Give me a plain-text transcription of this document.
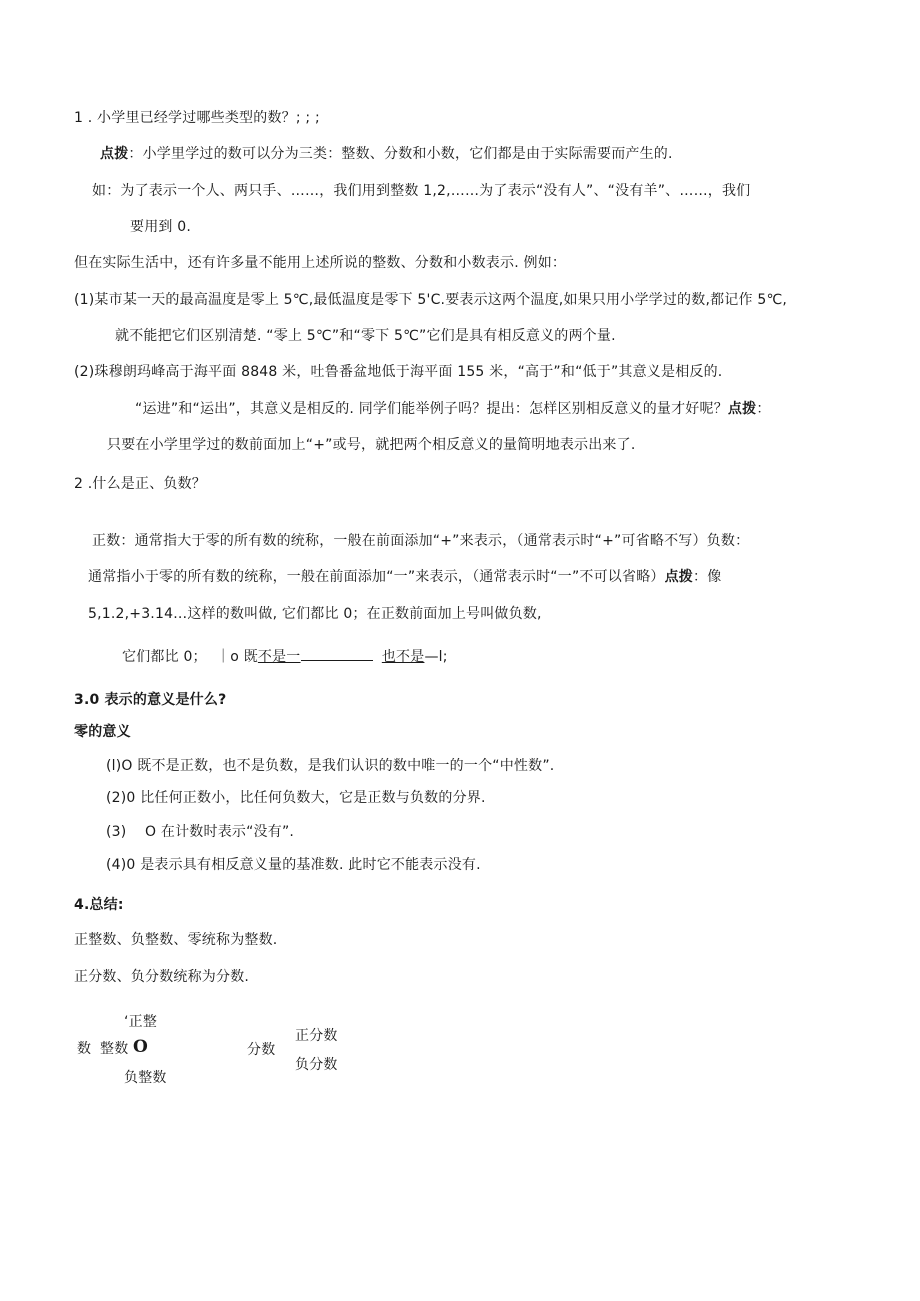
1 . 小学里已经学过哪些类型的数？; ; ;
点拨：小学里学过的数可以分为三类：整数、分数和小数，它们都是由于实际需要而产生的.
如：为了表示一个人、两只手、……，我们用到整数 1,2,……为了表示“没有人”、“没有羊”、……，我们
要用到 0.
但在实际生活中，还有许多量不能用上述所说的整数、分数和小数表示. 例如：
(1)某市某一天的最高温度是零上 5℃,最低温度是零下 5'C.要表示这两个温度,如果只用小学学过的数,都记作 5℃,
就不能把它们区别清楚. “零上 5℃”和“零下 5℃”它们是具有相反意义的两个量.
(2)珠穆朗玛峰高于海平面 8848 米，吐鲁番盆地低于海平面 155 米，“高于”和“低于”其意义是相反的.
“运进”和“运出”，其意义是相反的. 同学们能举例子吗？提出：怎样区别相反意义的量才好呢？点拨：
只要在小学里学过的数前面加上“+”或号，就把两个相反意义的量简明地表示出来了.
2 .什么是正、负数？
正数：通常指大于零的所有数的统称，一般在前面添加“+”来表示，（通常表示时“+”可省略不写）负数：
通常指小于零的所有数的统称，一般在前面添加“一”来表示，（通常表示时“一”不可以省略）点拨：像
5,1.2,+3.14…这样的数叫做, 它们都比 0；在正数前面加上号叫做负数,
它们都比 0； ｜o 既不是一	也不是—l;
3.0 表示的意义是什么?
零的意义
(l)O 既不是正数，也不是负数，是我们认识的数中唯一的一个“中性数”.
(2)0 比任何正数小，比任何负数大，它是正数与负数的分界.
(3)    O 在计数时表示“没有”.
(4)0 是表示具有相反意义量的基准数. 此时它不能表示没有.
4.总结:
正整数、负整数、零统称为整数.
正分数、负分数统称为分数.
‘正整
数 整数 O
负整数
分数
正分数
负分数
